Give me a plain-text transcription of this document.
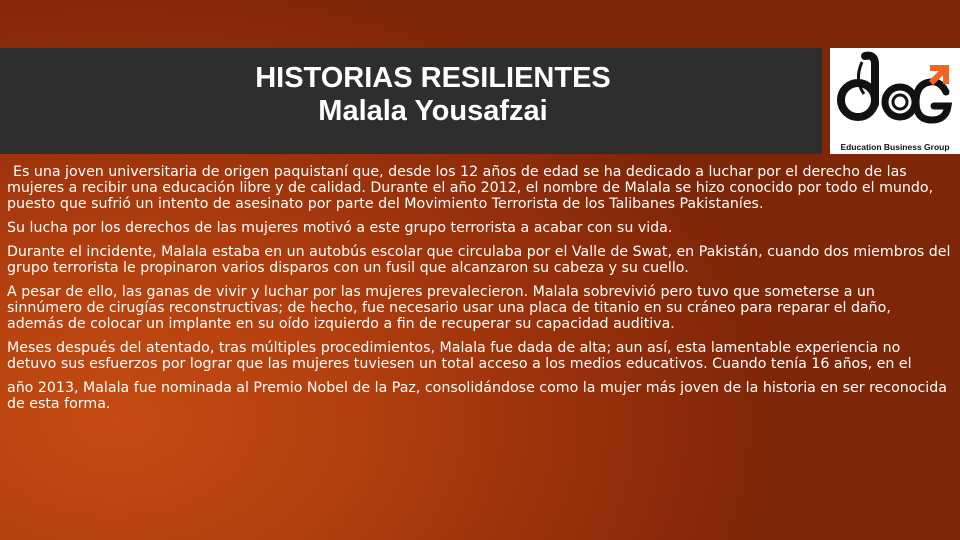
HISTORIAS RESILIENTES
Malala Yousafzai
Education Business Group

Es una joven universitaria de origen paquistaní que, desde los 12 años de edad se ha dedicado a luchar por el derecho de las mujeres a recibir una educación libre y de calidad. Durante el año 2012, el nombre de Malala se hizo conocido por todo el mundo, puesto que sufrió un intento de asesinato por parte del Movimiento Terrorista de los Talibanes Pakistaníes.

Su lucha por los derechos de las mujeres motivó a este grupo terrorista a acabar con su vida.

Durante el incidente, Malala estaba en un autobús escolar que circulaba por el Valle de Swat, en Pakistán, cuando dos miembros del grupo terrorista le propinaron varios disparos con un fusil que alcanzaron su cabeza y su cuello.

A pesar de ello, las ganas de vivir y luchar por las mujeres prevalecieron. Malala sobrevivió pero tuvo que someterse a un sinnúmero de cirugías reconstructivas; de hecho, fue necesario usar una placa de titanio en su cráneo para reparar el daño, además de colocar un implante en su oído izquierdo a fin de recuperar su capacidad auditiva.

Meses después del atentado, tras múltiples procedimientos, Malala fue dada de alta; aun así, esta lamentable experiencia no detuvo sus esfuerzos por lograr que las mujeres tuviesen un total acceso a los medios educativos. Cuando tenía 16 años, en el

año 2013, Malala fue nominada al Premio Nobel de la Paz, consolidándose como la mujer más joven de la historia en ser reconocida de esta forma.
